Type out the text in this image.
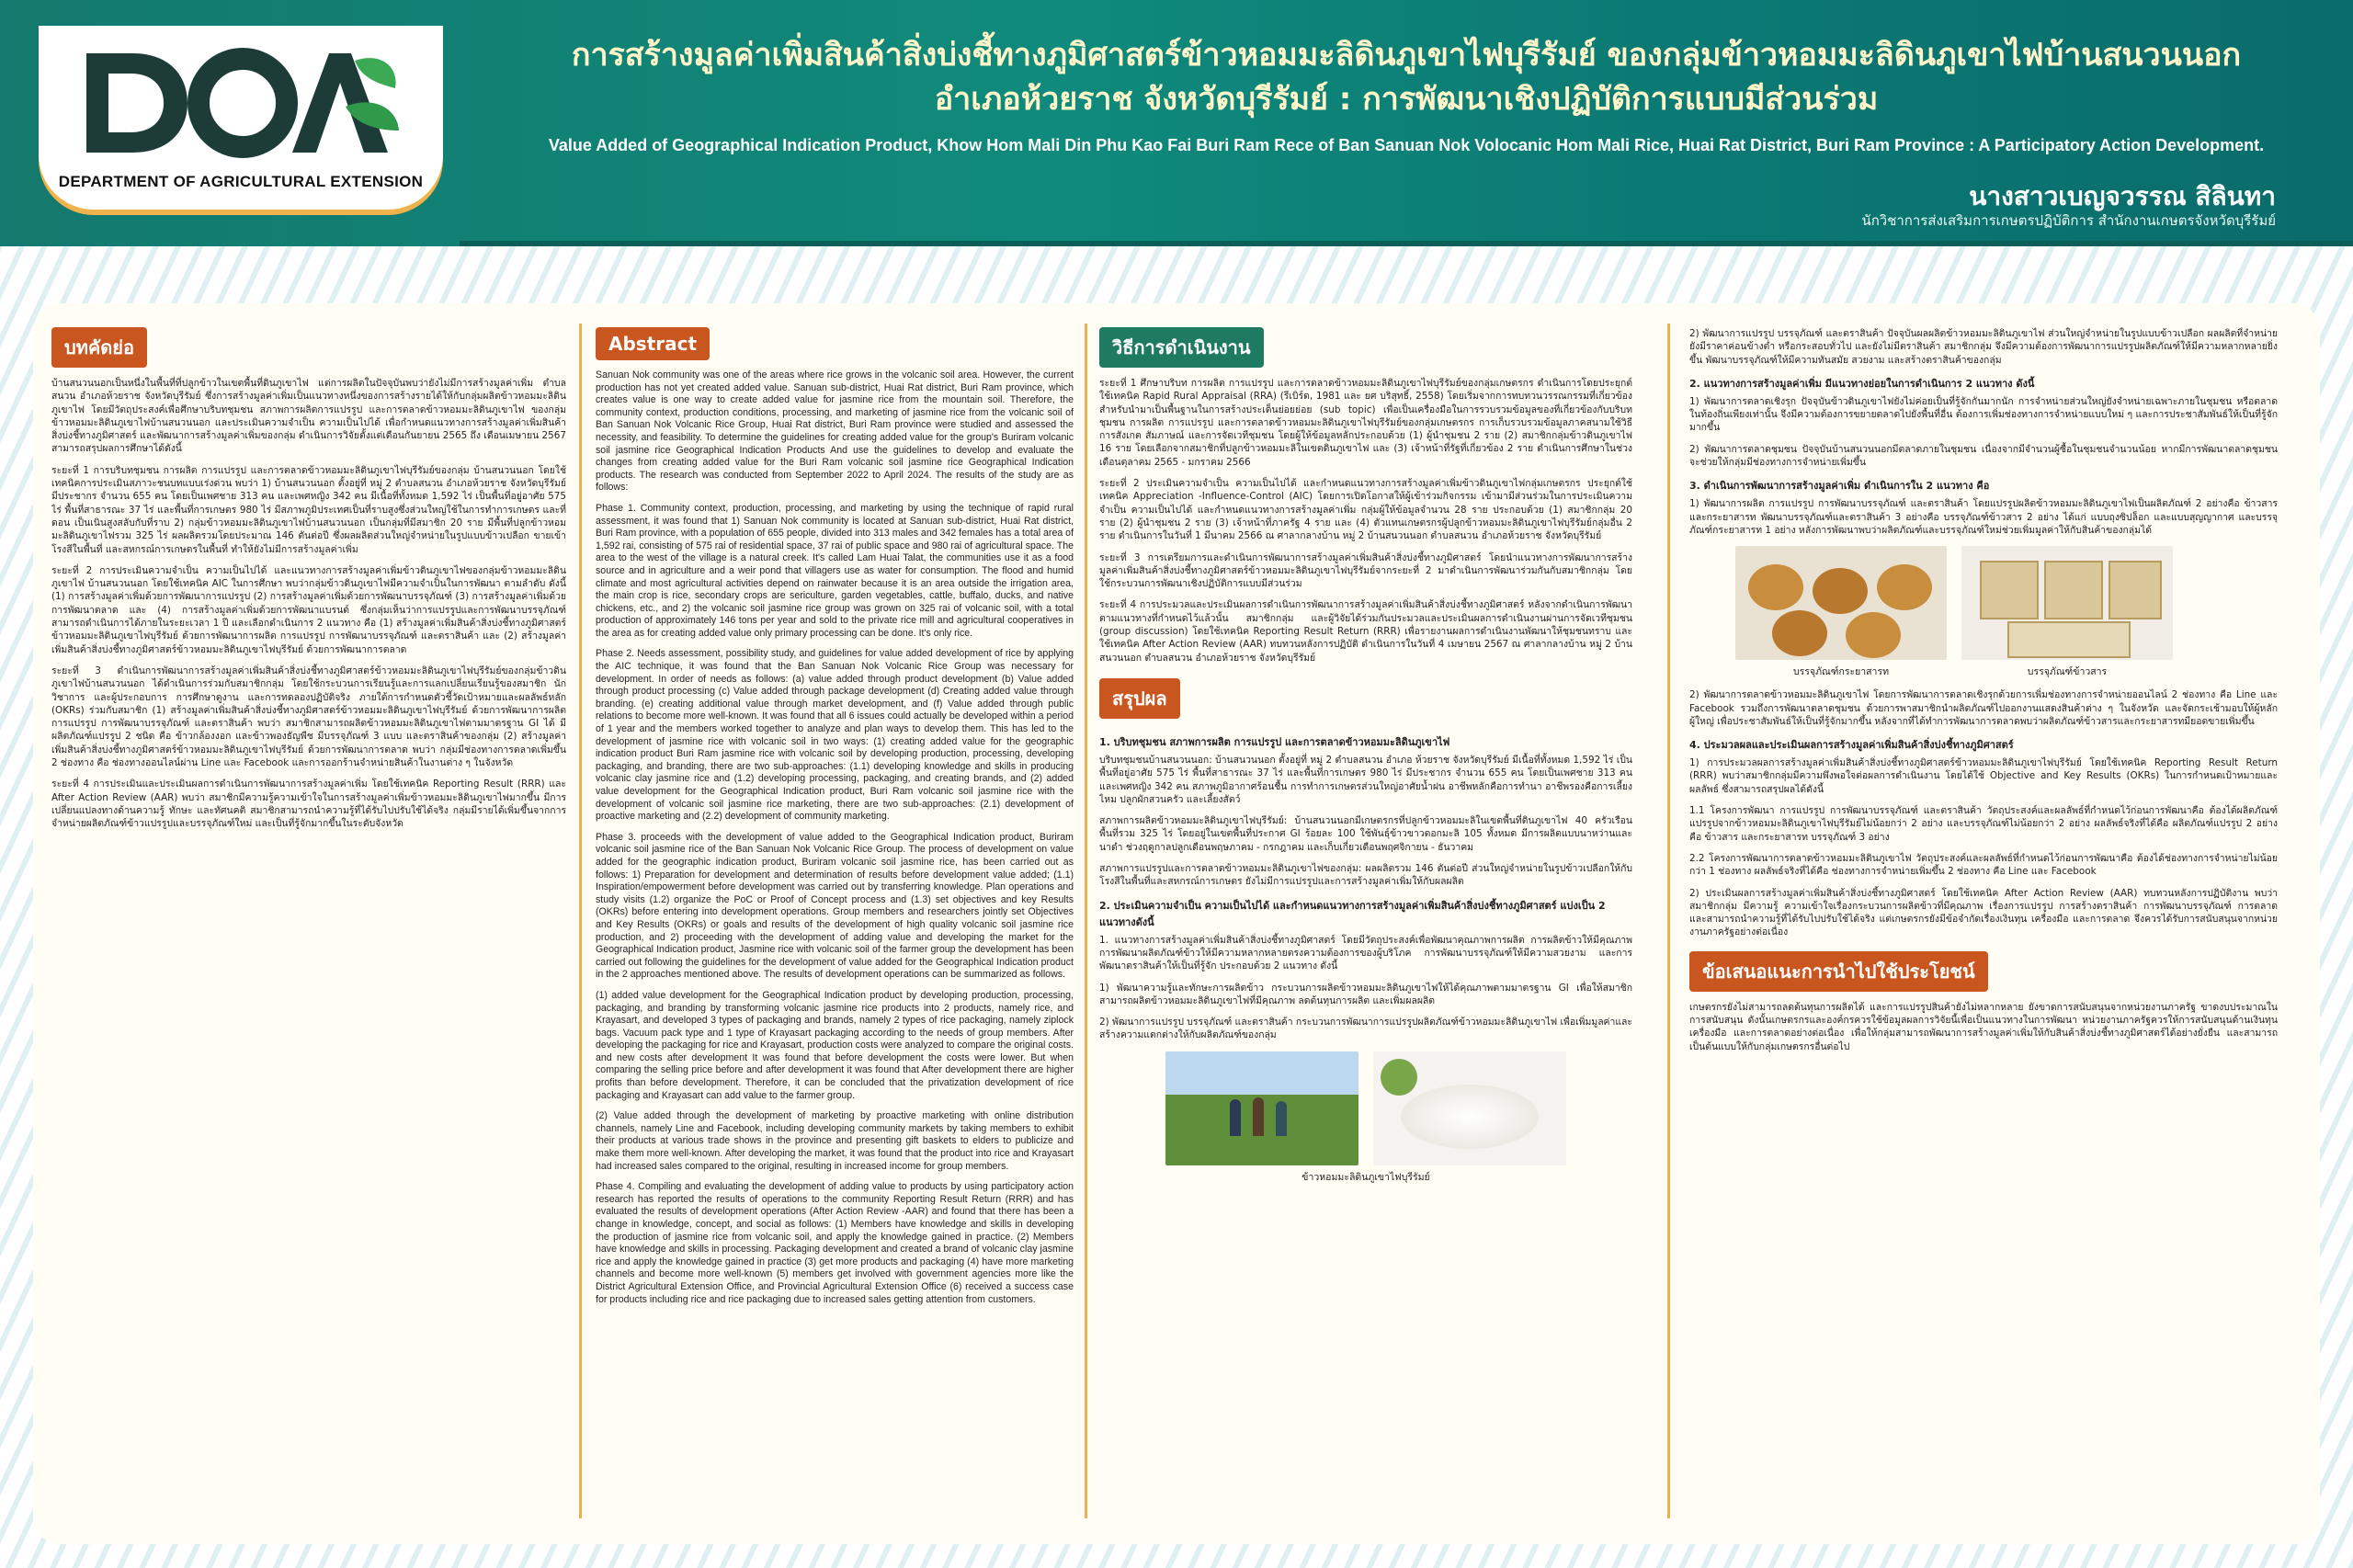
DEPARTMENT OF AGRICULTURAL EXTENSION
การสร้างมูลค่าเพิ่มสินค้าสิ่งบ่งชี้ทางภูมิศาสตร์ข้าวหอมมะลิดินภูเขาไฟบุรีรัมย์ ของกลุ่มข้าวหอมมะลิดินภูเขาไฟบ้านสนวนนอก
อำเภอห้วยราช จังหวัดบุรีรัมย์ : การพัฒนาเชิงปฏิบัติการแบบมีส่วนร่วม
Value Added of Geographical Indication Product, Khow Hom Mali Din Phu Kao Fai Buri Ram Rece of Ban Sanuan Nok Volocanic Hom Mali Rice, Huai Rat District, Buri Ram Province : A Participatory Action Development.
นางสาวเบญจวรรณ สิลินทา
นักวิชาการส่งเสริมการเกษตรปฏิบัติการ สำนักงานเกษตรจังหวัดบุรีรัมย์
บทคัดย่อ

บ้านสนวนนอกเป็นหนึ่งในพื้นที่ที่ปลูกข้าวในเขตพื้นที่ดินภูเขาไฟ แต่การผลิตในปัจจุบันพบว่ายังไม่มีการสร้างมูลค่าเพิ่ม ตำบลสนวน อำเภอห้วยราช จังหวัดบุรีรัมย์ ซึ่งการสร้างมูลค่าเพิ่มเป็นแนวทางหนึ่งของการสร้างรายได้ให้กับกลุ่มผลิตข้าวหอมมะลิดินภูเขาไฟ โดยมีวัตถุประสงค์เพื่อศึกษาบริบทชุมชน สภาพการผลิตการแปรรูป และการตลาดข้าวหอมมะลิดินภูเขาไฟ ของกลุ่มข้าวหอมมะลิดินภูเขาไฟบ้านสนวนนอก และประเมินความจำเป็น ความเป็นไปได้ เพื่อกำหนดแนวทางการสร้างมูลค่าเพิ่มสินค้าสิ่งบ่งชี้ทางภูมิศาสตร์ และพัฒนาการสร้างมูลค่าเพิ่มของกลุ่ม ดำเนินการวิจัยตั้งแต่เดือนกันยายน 2565 ถึง เดือนเมษายน 2567 สามารถสรุปผลการศึกษาได้ดังนี้

ระยะที่ 1 การบริบทชุมชน การผลิต การแปรรูป และการตลาดข้าวหอมมะลิดินภูเขาไฟบุรีรัมย์ของกลุ่ม บ้านสนวนนอก โดยใช้เทคนิคการประเมินสภาวะชนบทแบบเร่งด่วน พบว่า 1) บ้านสนวนนอก ตั้งอยู่ที่ หมู่ 2 ตำบลสนวน อำเภอห้วยราช จังหวัดบุรีรัมย์ มีประชากร จำนวน 655 คน โดยเป็นเพศชาย 313 คน และเพศหญิง 342 คน มีเนื้อที่ทั้งหมด 1,592 ไร่ เป็นพื้นที่อยู่อาศัย 575 ไร่ พื้นที่สาธารณะ 37 ไร่ และพื้นที่การเกษตร 980 ไร่ มีสภาพภูมิประเทศเป็นที่ราบสูงซึ่งส่วนใหญ่ใช้ในการทำการเกษตร และที่ดอน เป็นเนินสูงสลับกับที่ราบ 2) กลุ่มข้าวหอมมะลิดินภูเขาไฟบ้านสนวนนอก เป็นกลุ่มที่มีสมาชิก 20 ราย มีพื้นที่ปลูกข้าวหอมมะลิดินภูเขาไฟรวม 325 ไร่ ผลผลิตรวมโดยประมาณ 146 ตันต่อปี ซึ่งผลผลิตส่วนใหญ่จำหน่ายในรูปแบบข้าวเปลือก ขายเข้าโรงสีในพื้นที่ และสหกรณ์การเกษตรในพื้นที่ ทำให้ยังไม่มีการสร้างมูลค่าเพิ่ม

ระยะที่ 2 การประเมินความจำเป็น ความเป็นไปได้ และแนวทางการสร้างมูลค่าเพิ่มข้าวดินภูเขาไฟของกลุ่มข้าวหอมมะลิดินภูเขาไฟ บ้านสนวนนอก โดยใช้เทคนิค AIC ในการศึกษา พบว่ากลุ่มข้าวดินภูเขาไฟมีความจำเป็นในการพัฒนา ตามลำดับ ดังนี้ (1) การสร้างมูลค่าเพิ่มด้วยการพัฒนาการแปรรูป (2) การสร้างมูลค่าเพิ่มด้วยการพัฒนาบรรจุภัณฑ์ (3) การสร้างมูลค่าเพิ่มด้วยการพัฒนาตลาด และ (4) การสร้างมูลค่าเพิ่มด้วยการพัฒนาแบรนด์ ซึ่งกลุ่มเห็นว่าการแปรรูปและการพัฒนาบรรจุภัณฑ์สามารถดำเนินการได้ภายในระยะเวลา 1 ปี และเลือกดำเนินการ 2 แนวทาง คือ (1) สร้างมูลค่าเพิ่มสินค้าสิ่งบ่งชี้ทางภูมิศาสตร์ข้าวหอมมะลิดินภูเขาไฟบุรีรัมย์ ด้วยการพัฒนาการผลิต การแปรรูป การพัฒนาบรรจุภัณฑ์ และตราสินค้า และ (2) สร้างมูลค่าเพิ่มสินค้าสิ่งบ่งชี้ทางภูมิศาสตร์ข้าวหอมมะลิดินภูเขาไฟบุรีรัมย์ ด้วยการพัฒนาการตลาด

ระยะที่ 3 ดำเนินการพัฒนาการสร้างมูลค่าเพิ่มสินค้าสิ่งบ่งชี้ทางภูมิศาสตร์ข้าวหอมมะลิดินภูเขาไฟบุรีรัมย์ของกลุ่มข้าวดินภูเขาไฟบ้านสนวนนอก ได้ดำเนินการร่วมกับสมาชิกกลุ่ม โดยใช้กระบวนการเรียนรู้และการแลกเปลี่ยนเรียนรู้ของสมาชิก นักวิชาการ และผู้ประกอบการ การศึกษาดูงาน และการทดลองปฏิบัติจริง ภายใต้การกำหนดตัวชี้วัดเป้าหมายและผลลัพธ์หลัก (OKRs) ร่วมกับสมาชิก (1) สร้างมูลค่าเพิ่มสินค้าสิ่งบ่งชี้ทางภูมิศาสตร์ข้าวหอมมะลิดินภูเขาไฟบุรีรัมย์ ด้วยการพัฒนาการผลิต การแปรรูป การพัฒนาบรรจุภัณฑ์ และตราสินค้า พบว่า สมาชิกสามารถผลิตข้าวหอมมะลิดินภูเขาไฟตามมาตรฐาน GI ได้ มีผลิตภัณฑ์แปรรูป 2 ชนิด คือ ข้าวกล้องงอก และข้าวพองธัญพืช มีบรรจุภัณฑ์ 3 แบบ และตราสินค้าของกลุ่ม (2) สร้างมูลค่าเพิ่มสินค้าสิ่งบ่งชี้ทางภูมิศาสตร์ข้าวหอมมะลิดินภูเขาไฟบุรีรัมย์ ด้วยการพัฒนาการตลาด พบว่า กลุ่มมีช่องทางการตลาดเพิ่มขึ้น 2 ช่องทาง คือ ช่องทางออนไลน์ผ่าน Line และ Facebook และการออกร้านจำหน่ายสินค้าในงานต่าง ๆ ในจังหวัด

ระยะที่ 4 การประเมินและประเมินผลการดำเนินการพัฒนาการสร้างมูลค่าเพิ่ม โดยใช้เทคนิค Reporting Result (RRR) และ After Action Review (AAR) พบว่า สมาชิกมีความรู้ความเข้าใจในการสร้างมูลค่าเพิ่มข้าวหอมมะลิดินภูเขาไฟมากขึ้น มีการเปลี่ยนแปลงทางด้านความรู้ ทักษะ และทัศนคติ สมาชิกสามารถนำความรู้ที่ได้รับไปปรับใช้ได้จริง กลุ่มมีรายได้เพิ่มขึ้นจากการจำหน่ายผลิตภัณฑ์ข้าวแปรรูปและบรรจุภัณฑ์ใหม่ และเป็นที่รู้จักมากขึ้นในระดับจังหวัด

Abstract

Sanuan Nok community was one of the areas where rice grows in the volcanic soil area. However, the current production has not yet created added value. Sanuan sub-district, Huai Rat district, Buri Ram province, which creates value is one way to create added value for jasmine rice from the mountain soil. Therefore, the community context, production conditions, processing, and marketing of jasmine rice from the volcanic soil of Ban Sanuan Nok Volcanic Rice Group, Huai Rat district, Buri Ram province were studied and assessed the necessity, and feasibility. To determine the guidelines for creating added value for the group's Buriram volcanic soil jasmine rice Geographical Indication Products And use the guidelines to develop and evaluate the changes from creating added value for the Buri Ram volcanic soil jasmine rice Geographical Indication products. The research was conducted from September 2022 to April 2024. The results of the study are as follows:

Phase 1. Community context, production, processing, and marketing by using the technique of rapid rural assessment, it was found that 1) Sanuan Nok community is located at Sanuan sub-district, Huai Rat district, Buri Ram province, with a population of 655 people, divided into 313 males and 342 females has a total area of 1,592 rai, consisting of 575 rai of residential space, 37 rai of public space and 980 rai of agricultural space. The area to the west of the village is a natural creek. It's called Lam Huai Talat, the communities use it as a food source and in agriculture and a weir pond that villagers use as water for consumption. The flood and humid climate and most agricultural activities depend on rainwater because it is an area outside the irrigation area, the main crop is rice, secondary crops are sericulture, garden vegetables, cattle, buffalo, ducks, and native chickens, etc., and 2) the volcanic soil jasmine rice group was grown on 325 rai of volcanic soil, with a total production of approximately 146 tons per year and sold to the private rice mill and agricultural cooperatives in the area as for creating added value only primary processing can be done. It's only rice.

Phase 2. Needs assessment, possibility study, and guidelines for value added development of rice by applying the AIC technique, it was found that the Ban Sanuan Nok Volcanic Rice Group was necessary for development. In order of needs as follows: (a) value added through product development (b) Value added through product processing (c) Value added through package development (d) Creating added value through branding. (e) creating additional value through market development, and (f) Value added through public relations to become more well-known. It was found that all 6 issues could actually be developed within a period of 1 year and the members worked together to analyze and plan ways to develop them. This has led to the development of jasmine rice with volcanic soil in two ways: (1) creating added value for the geographic indication product Buri Ram jasmine rice with volcanic soil by developing production, processing, developing packaging, and branding, there are two sub-approaches: (1.1) developing knowledge and skills in producing volcanic clay jasmine rice and (1.2) developing processing, packaging, and creating brands, and (2) added value development for the Geographical Indication product, Buri Ram volcanic soil jasmine rice with the development of volcanic soil jasmine rice marketing, there are two sub-approaches: (2.1) development of proactive marketing and (2.2) development of community marketing.

Phase 3. proceeds with the development of value added to the Geographical Indication product, Buriram volcanic soil jasmine rice of the Ban Sanuan Nok Volcanic Rice Group. The process of development on value added for the geographic indication product, Buriram volcanic soil jasmine rice, has been carried out as follows: 1) Preparation for development and determination of results before development value added; (1.1) Inspiration/empowerment before development was carried out by transferring knowledge. Plan operations and study visits (1.2) organize the PoC or Proof of Concept process and (1.3) set objectives and key Results (OKRs) before entering into development operations. Group members and researchers jointly set Objectives and Key Results (OKRs) or goals and results of the development of high quality volcanic soil jasmine rice production, and 2) proceeding with the development of adding value and developing the market for the Geographical Indication product, Jasmine rice with volcanic soil of the farmer group the development has been carried out following the guidelines for the development of value added for the Geographical Indication product in the 2 approaches mentioned above. The results of development operations can be summarized as follows.

(1) added value development for the Geographical Indication product by developing production, processing, packaging, and branding by transforming volcanic jasmine rice products into 2 products, namely rice, and Krayasart, and developed 3 types of packaging and brands, namely 2 types of rice packaging, namely ziplock bags. Vacuum pack type and 1 type of Krayasart packaging according to the needs of group members. After developing the packaging for rice and Krayasart, production costs were analyzed to compare the original costs. and new costs after development It was found that before development the costs were lower. But when comparing the selling price before and after development it was found that After development there are higher profits than before development. Therefore, it can be concluded that the privatization development of rice packaging and Krayasart can add value to the farmer group.

(2) Value added through the development of marketing by proactive marketing with online distribution channels, namely Line and Facebook, including developing community markets by taking members to exhibit their products at various trade shows in the province and presenting gift baskets to elders to publicize and make them more well-known. After developing the market, it was found that the product into rice and Krayasart had increased sales compared to the original, resulting in increased income for group members.

Phase 4. Compiling and evaluating the development of adding value to products by using participatory action research has reported the results of operations to the community Reporting Result Return (RRR) and has evaluated the results of development operations (After Action Review -AAR) and found that there has been a change in knowledge, concept, and social as follows: (1) Members have knowledge and skills in developing the production of jasmine rice from volcanic soil, and apply the knowledge gained in practice. (2) Members have knowledge and skills in processing. Packaging development and created a brand of volcanic clay jasmine rice and apply the knowledge gained in practice (3) get more products and packaging (4) have more marketing channels and become more well-known (5) members get involved with government agencies more like the District Agricultural Extension Office, and Provincial Agricultural Extension Office (6) received a success case for products including rice and rice packaging due to increased sales getting attention from customers.

วิธีการดำเนินงาน

ระยะที่ 1 ศึกษาบริบท การผลิต การแปรรูป และการตลาดข้าวหอมมะลิดินภูเขาไฟบุรีรัมย์ของกลุ่มเกษตรกร ดำเนินการโดยประยุกต์ใช้เทคนิค Rapid Rural Appraisal (RRA) (รีเบิร์ด, 1981 และ ยศ บริสุทธิ์, 2558) โดยเริ่มจากการทบทวนวรรณกรรมที่เกี่ยวข้องสำหรับนำมาเป็นพื้นฐานในการสร้างประเด็นย่อยย่อย (sub topic) เพื่อเป็นเครื่องมือในการรวบรวมข้อมูลของที่เกี่ยวข้องกับบริบทชุมชน การผลิต การแปรรูป และการตลาดข้าวหอมมะลิดินภูเขาไฟบุรีรัมย์ของกลุ่มเกษตรกร การเก็บรวบรวมข้อมูลภาคสนามใช้วิธีการสังเกต สัมภาษณ์ และการจัดเวทีชุมชน โดยผู้ให้ข้อมูลหลักประกอบด้วย (1) ผู้นำชุมชน 2 ราย (2) สมาชิกกลุ่มข้าวดินภูเขาไฟ 16 ราย โดยเลือกจากสมาชิกที่ปลูกข้าวหอมมะลิในเขตดินภูเขาไฟ และ (3) เจ้าหน้าที่รัฐที่เกี่ยวข้อง 2 ราย ดำเนินการศึกษาในช่วงเดือนตุลาคม 2565 - มกราคม 2566

ระยะที่ 2 ประเมินความจำเป็น ความเป็นไปได้ และกำหนดแนวทางการสร้างมูลค่าเพิ่มข้าวดินภูเขาไฟกลุ่มเกษตรกร ประยุกต์ใช้เทคนิค Appreciation -Influence-Control (AIC) โดยการเปิดโอกาสให้ผู้เข้าร่วมกิจกรรม เข้ามามีส่วนร่วมในการประเมินความจำเป็น ความเป็นไปได้ และกำหนดแนวทางการสร้างมูลค่าเพิ่ม กลุ่มผู้ให้ข้อมูลจำนวน 28 ราย ประกอบด้วย (1) สมาชิกกลุ่ม 20 ราย (2) ผู้นำชุมชน 2 ราย (3) เจ้าหน้าที่ภาครัฐ 4 ราย และ (4) ตัวแทนเกษตรกรผู้ปลูกข้าวหอมมะลิดินภูเขาไฟบุรีรัมย์กลุ่มอื่น 2 ราย ดำเนินการในวันที่ 1 มีนาคม 2566 ณ ศาลากลางบ้าน หมู่ 2 บ้านสนวนนอก ตำบลสนวน อำเภอห้วยราช จังหวัดบุรีรัมย์

ระยะที่ 3 การเตรียมการและดำเนินการพัฒนาการสร้างมูลค่าเพิ่มสินค้าสิ่งบ่งชี้ทางภูมิศาสตร์ โดยนำแนวทางการพัฒนาการสร้างมูลค่าเพิ่มสินค้าสิ่งบ่งชี้ทางภูมิศาสตร์ข้าวหอมมะลิดินภูเขาไฟบุรีรัมย์จากระยะที่ 2 มาดำเนินการพัฒนาร่วมกันกับสมาชิกกลุ่ม โดยใช้กระบวนการพัฒนาเชิงปฏิบัติการแบบมีส่วนร่วม

ระยะที่ 4 การประมวลและประเมินผลการดำเนินการพัฒนาการสร้างมูลค่าเพิ่มสินค้าสิ่งบ่งชี้ทางภูมิศาสตร์ หลังจากดำเนินการพัฒนาตามแนวทางที่กำหนดไว้แล้วนั้น สมาชิกกลุ่ม และผู้วิจัยได้ร่วมกันประมวลและประเมินผลการดำเนินงานผ่านการจัดเวทีชุมชน (group discussion) โดยใช้เทคนิค Reporting Result Return (RRR) เพื่อรายงานผลการดำเนินงานพัฒนาให้ชุมชนทราบ และใช้เทคนิค After Action Review (AAR) ทบทวนหลังการปฏิบัติ ดำเนินการในวันที่ 4 เมษายน 2567 ณ ศาลากลางบ้าน หมู่ 2 บ้านสนวนนอก ตำบลสนวน อำเภอห้วยราช จังหวัดบุรีรัมย์

สรุปผล
1. บริบทชุมชน สภาพการผลิต การแปรรูป และการตลาดข้าวหอมมะลิดินภูเขาไฟ

บริบทชุมชนบ้านสนวนนอก: บ้านสนวนนอก ตั้งอยู่ที่ หมู่ 2 ตำบลสนวน อำเภอ ห้วยราช จังหวัดบุรีรัมย์ มีเนื้อที่ทั้งหมด 1,592 ไร่ เป็นพื้นที่อยู่อาศัย 575 ไร่ พื้นที่สาธารณะ 37 ไร่ และพื้นที่การเกษตร 980 ไร่ มีประชากร จำนวน 655 คน โดยเป็นเพศชาย 313 คน และเพศหญิง 342 คน สภาพภูมิอากาศร้อนชื้น การทำการเกษตรส่วนใหญ่อาศัยน้ำฝน อาชีพหลักคือการทำนา อาชีพรองคือการเลี้ยงไหม ปลูกผักสวนครัว และเลี้ยงสัตว์

สภาพการผลิตข้าวหอมมะลิดินภูเขาไฟบุรีรัมย์: บ้านสนวนนอกมีเกษตรกรที่ปลูกข้าวหอมมะลิในเขตพื้นที่ดินภูเขาไฟ 40 ครัวเรือน พื้นที่รวม 325 ไร่ โดยอยู่ในเขตพื้นที่ประกาศ GI ร้อยละ 100 ใช้พันธุ์ข้าวขาวดอกมะลิ 105 ทั้งหมด มีการผลิตแบบนาหว่านและนาดำ ช่วงฤดูกาลปลูกเดือนพฤษภาคม - กรกฎาคม และเก็บเกี่ยวเดือนพฤศจิกายน - ธันวาคม

สภาพการแปรรูปและการตลาดข้าวหอมมะลิดินภูเขาไฟของกลุ่ม: ผลผลิตรวม 146 ตันต่อปี ส่วนใหญ่จำหน่ายในรูปข้าวเปลือกให้กับโรงสีในพื้นที่และสหกรณ์การเกษตร ยังไม่มีการแปรรูปและการสร้างมูลค่าเพิ่มให้กับผลผลิต

2. ประเมินความจำเป็น ความเป็นไปได้ และกำหนดแนวทางการสร้างมูลค่าเพิ่มสินค้าสิ่งบ่งชี้ทางภูมิศาสตร์ แบ่งเป็น 2 แนวทางดังนี้

1. แนวทางการสร้างมูลค่าเพิ่มสินค้าสิ่งบ่งชี้ทางภูมิศาสตร์ โดยมีวัตถุประสงค์เพื่อพัฒนาคุณภาพการผลิต การผลิตข้าวให้มีคุณภาพ การพัฒนาผลิตภัณฑ์ข้าวให้มีความหลากหลายตรงความต้องการของผู้บริโภค การพัฒนาบรรจุภัณฑ์ให้มีความสวยงาม และการพัฒนาตราสินค้าให้เป็นที่รู้จัก ประกอบด้วย 2 แนวทาง ดังนี้

1) พัฒนาความรู้และทักษะการผลิตข้าว กระบวนการผลิตข้าวหอมมะลิดินภูเขาไฟให้ได้คุณภาพตามมาตรฐาน GI เพื่อให้สมาชิกสามารถผลิตข้าวหอมมะลิดินภูเขาไฟที่มีคุณภาพ ลดต้นทุนการผลิต และเพิ่มผลผลิต

2) พัฒนาการแปรรูป บรรจุภัณฑ์ และตราสินค้า กระบวนการพัฒนาการแปรรูปผลิตภัณฑ์ข้าวหอมมะลิดินภูเขาไฟ เพื่อเพิ่มมูลค่าและสร้างความแตกต่างให้กับผลิตภัณฑ์ของกลุ่ม

ข้าวหอมมะลิดินภูเขาไฟบุรีรัมย์

2) พัฒนาการแปรรูป บรรจุภัณฑ์ และตราสินค้า ปัจจุบันผลผลิตข้าวหอมมะลิดินภูเขาไฟ ส่วนใหญ่จำหน่ายในรูปแบบข้าวเปลือก ผลผลิตที่จำหน่ายยังมีราคาค่อนข้างต่ำ หรือกระสอบทั่วไป และยังไม่มีตราสินค้า สมาชิกกลุ่ม จึงมีความต้องการพัฒนาการแปรรูปผลิตภัณฑ์ให้มีความหลากหลายยิ่งขึ้น พัฒนาบรรจุภัณฑ์ให้มีความทันสมัย สวยงาม และสร้างตราสินค้าของกลุ่ม

2. แนวทางการสร้างมูลค่าเพิ่ม มีแนวทางย่อยในการดำเนินการ 2 แนวทาง ดังนี้

1) พัฒนาการตลาดเชิงรุก ปัจจุบันข้าวดินภูเขาไฟยังไม่ค่อยเป็นที่รู้จักกันมากนัก การจำหน่ายส่วนใหญ่ยังจำหน่ายเฉพาะภายในชุมชน หรือตลาดในท้องถิ่นเพียงเท่านั้น จึงมีความต้องการขยายตลาดไปยังพื้นที่อื่น ต้องการเพิ่มช่องทางการจำหน่ายแบบใหม่ ๆ และการประชาสัมพันธ์ให้เป็นที่รู้จักมากขึ้น

2) พัฒนาการตลาดชุมชน ปัจจุบันบ้านสนวนนอกมีตลาดภายในชุมชน เนื่องจากมีจำนวนผู้ซื้อในชุมชนจำนวนน้อย หากมีการพัฒนาตลาดชุมชนจะช่วยให้กลุ่มมีช่องทางการจำหน่ายเพิ่มขึ้น

3. ดำเนินการพัฒนาการสร้างมูลค่าเพิ่ม ดำเนินการใน 2 แนวทาง คือ

1) พัฒนาการผลิต การแปรรูป การพัฒนาบรรจุภัณฑ์ และตราสินค้า โดยแปรรูปผลิตข้าวหอมมะลิดินภูเขาไฟเป็นผลิตภัณฑ์ 2 อย่างคือ ข้าวสาร และกระยาสารท พัฒนาบรรจุภัณฑ์และตราสินค้า 3 อย่างคือ บรรจุภัณฑ์ข้าวสาร 2 อย่าง ได้แก่ แบบถุงซิปล็อก และแบบสุญญากาศ และบรรจุภัณฑ์กระยาสารท 1 อย่าง หลังการพัฒนาพบว่าผลิตภัณฑ์และบรรจุภัณฑ์ใหม่ช่วยเพิ่มมูลค่าให้กับสินค้าของกลุ่มได้

บรรจุภัณฑ์กระยาสารท	บรรจุภัณฑ์ข้าวสาร

2) พัฒนาการตลาดข้าวหอมมะลิดินภูเขาไฟ โดยการพัฒนาการตลาดเชิงรุกด้วยการเพิ่มช่องทางการจำหน่ายออนไลน์ 2 ช่องทาง คือ Line และ Facebook รวมถึงการพัฒนาตลาดชุมชน ด้วยการพาสมาชิกนำผลิตภัณฑ์ไปออกงานแสดงสินค้าต่าง ๆ ในจังหวัด และจัดกระเช้ามอบให้ผู้หลักผู้ใหญ่ เพื่อประชาสัมพันธ์ให้เป็นที่รู้จักมากขึ้น หลังจากที่ได้ทำการพัฒนาการตลาดพบว่าผลิตภัณฑ์ข้าวสารและกระยาสารทมียอดขายเพิ่มขึ้น

4. ประมวลผลและประเมินผลการสร้างมูลค่าเพิ่มสินค้าสิ่งบ่งชี้ทางภูมิศาสตร์

1) การประมวลผลการสร้างมูลค่าเพิ่มสินค้าสิ่งบ่งชี้ทางภูมิศาสตร์ข้าวหอมมะลิดินภูเขาไฟบุรีรัมย์ โดยใช้เทคนิค Reporting Result Return (RRR) พบว่าสมาชิกกลุ่มมีความพึงพอใจต่อผลการดำเนินงาน โดยได้ใช้ Objective and Key Results (OKRs) ในการกำหนดเป้าหมายและผลลัพธ์ ซึ่งสามารถสรุปผลได้ดังนี้

1.1 โครงการพัฒนา การแปรรูป การพัฒนาบรรจุภัณฑ์ และตราสินค้า วัตถุประสงค์และผลลัพธ์ที่กำหนดไว้ก่อนการพัฒนาคือ ต้องได้ผลิตภัณฑ์แปรรูปจากข้าวหอมมะลิดินภูเขาไฟบุรีรัมย์ไม่น้อยกว่า 2 อย่าง และบรรจุภัณฑ์ไม่น้อยกว่า 2 อย่าง ผลลัพธ์จริงที่ได้คือ ผลิตภัณฑ์แปรรูป 2 อย่าง คือ ข้าวสาร และกระยาสารท บรรจุภัณฑ์ 3 อย่าง

2.2 โครงการพัฒนาการตลาดข้าวหอมมะลิดินภูเขาไฟ วัตถุประสงค์และผลลัพธ์ที่กำหนดไว้ก่อนการพัฒนาคือ ต้องได้ช่องทางการจำหน่ายไม่น้อยกว่า 1 ช่องทาง ผลลัพธ์จริงที่ได้คือ ช่องทางการจำหน่ายเพิ่มขึ้น 2 ช่องทาง คือ Line และ Facebook

2) ประเมินผลการสร้างมูลค่าเพิ่มสินค้าสิ่งบ่งชี้ทางภูมิศาสตร์ โดยใช้เทคนิค After Action Review (AAR) ทบทวนหลังการปฏิบัติงาน พบว่า สมาชิกกลุ่ม มีความรู้ ความเข้าใจเรื่องกระบวนการผลิตข้าวที่มีคุณภาพ เรื่องการแปรรูป การสร้างตราสินค้า การพัฒนาบรรจุภัณฑ์ การตลาด และสามารถนำความรู้ที่ได้รับไปปรับใช้ได้จริง แต่เกษตรกรยังมีข้อจำกัดเรื่องเงินทุน เครื่องมือ และการตลาด จึงควรได้รับการสนับสนุนจากหน่วยงานภาครัฐอย่างต่อเนื่อง

ข้อเสนอแนะการนำไปใช้ประโยชน์

เกษตรกรยังไม่สามารถลดต้นทุนการผลิตได้ และการแปรรูปสินค้ายังไม่หลากหลาย ยังขาดการสนับสนุนจากหน่วยงานภาครัฐ ขาดงบประมาณในการสนับสนุน ดังนั้นเกษตรกรและองค์กรควรใช้ข้อมูลผลการวิจัยนี้เพื่อเป็นแนวทางในการพัฒนา หน่วยงานภาครัฐควรให้การสนับสนุนด้านเงินทุน เครื่องมือ และการตลาดอย่างต่อเนื่อง เพื่อให้กลุ่มสามารถพัฒนาการสร้างมูลค่าเพิ่มให้กับสินค้าสิ่งบ่งชี้ทางภูมิศาสตร์ได้อย่างยั่งยืน และสามารถเป็นต้นแบบให้กับกลุ่มเกษตรกรอื่นต่อไป
